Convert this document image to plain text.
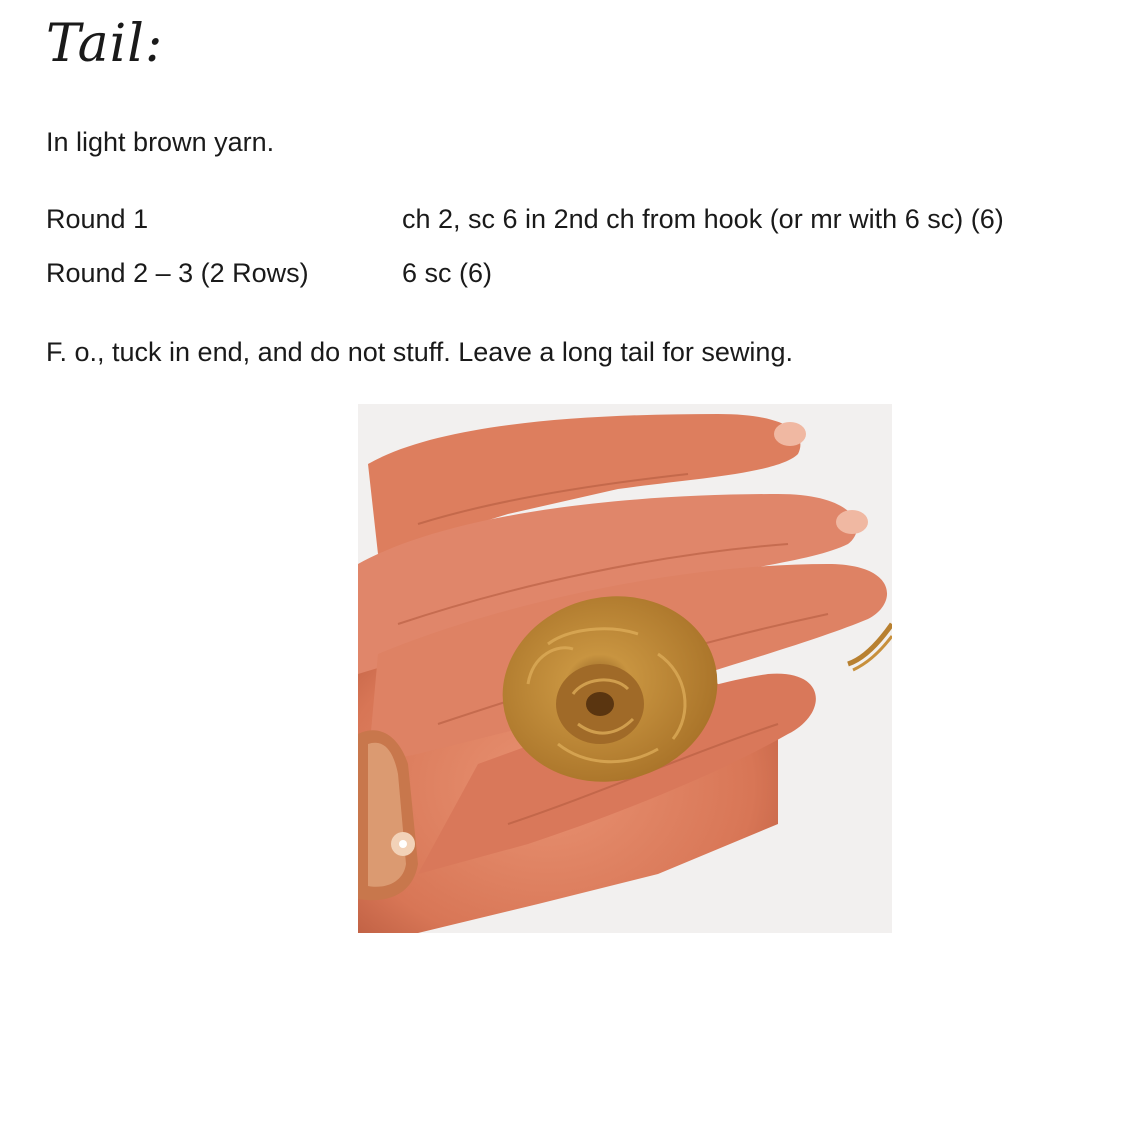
Tail:

In light brown yarn.

Round 1	ch 2, sc 6 in 2nd ch from hook (or mr with 6 sc) (6)

Round 2 – 3 (2 Rows)	6 sc (6)

F. o., tuck in end, and do not stuff. Leave a long tail for sewing.
